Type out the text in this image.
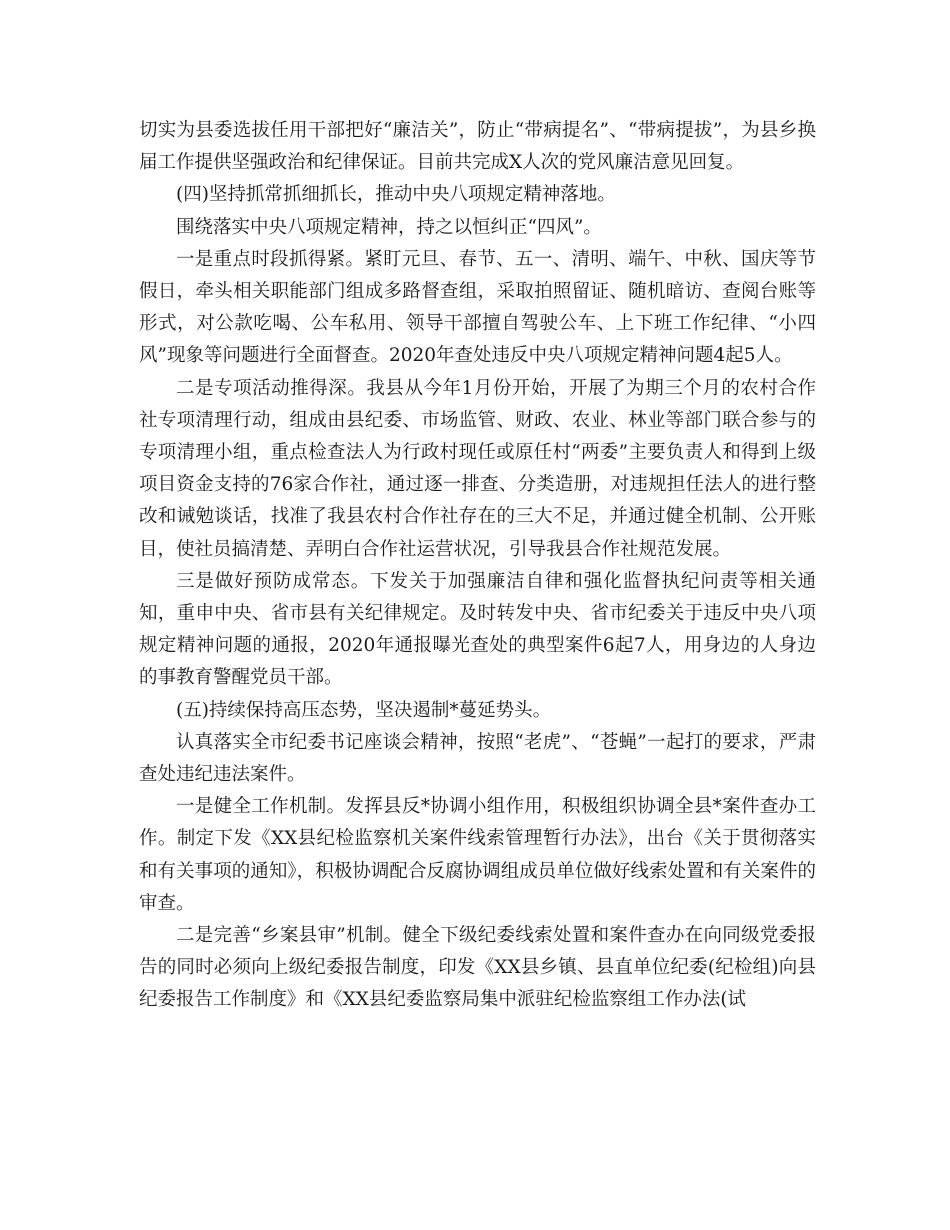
切实为县委选拔任用干部把好“廉洁关”，防止“带病提名”、“带病提拔”，为县乡换届工作提供坚强政治和纪律保证。目前共完成X人次的党风廉洁意见回复。

(四)坚持抓常抓细抓长，推动中央八项规定精神落地。

围绕落实中央八项规定精神，持之以恒纠正“四风”。

一是重点时段抓得紧。紧盯元旦、春节、五一、清明、端午、中秋、国庆等节假日，牵头相关职能部门组成多路督查组，采取拍照留证、随机暗访、查阅台账等形式，对公款吃喝、公车私用、领导干部擅自驾驶公车、上下班工作纪律、“小四风”现象等问题进行全面督查。2020年查处违反中央八项规定精神问题4起5人。

二是专项活动推得深。我县从今年1月份开始，开展了为期三个月的农村合作社专项清理行动，组成由县纪委、市场监管、财政、农业、林业等部门联合参与的专项清理小组，重点检查法人为行政村现任或原任村“两委”主要负责人和得到上级项目资金支持的76家合作社，通过逐一排查、分类造册，对违规担任法人的进行整改和诫勉谈话，找准了我县农村合作社存在的三大不足，并通过健全机制、公开账目，使社员搞清楚、弄明白合作社运营状况，引导我县合作社规范发展。

三是做好预防成常态。下发关于加强廉洁自律和强化监督执纪问责等相关通知，重申中央、省市县有关纪律规定。及时转发中央、省市纪委关于违反中央八项规定精神问题的通报，2020年通报曝光查处的典型案件6起7人，用身边的人身边的事教育警醒党员干部。

(五)持续保持高压态势，坚决遏制*蔓延势头。

认真落实全市纪委书记座谈会精神，按照“老虎”、“苍蝇”一起打的要求，严肃查处违纪违法案件。

一是健全工作机制。发挥县反*协调小组作用，积极组织协调全县*案件查办工作。制定下发《XX县纪检监察机关案件线索管理暂行办法》，出台《关于贯彻落实和有关事项的通知》，积极协调配合反腐协调组成员单位做好线索处置和有关案件的审查。

二是完善“乡案县审”机制。健全下级纪委线索处置和案件查办在向同级党委报告的同时必须向上级纪委报告制度，印发《XX县乡镇、县直单位纪委(纪检组)向县纪委报告工作制度》和《XX县纪委监察局集中派驻纪检监察组工作办法(试
